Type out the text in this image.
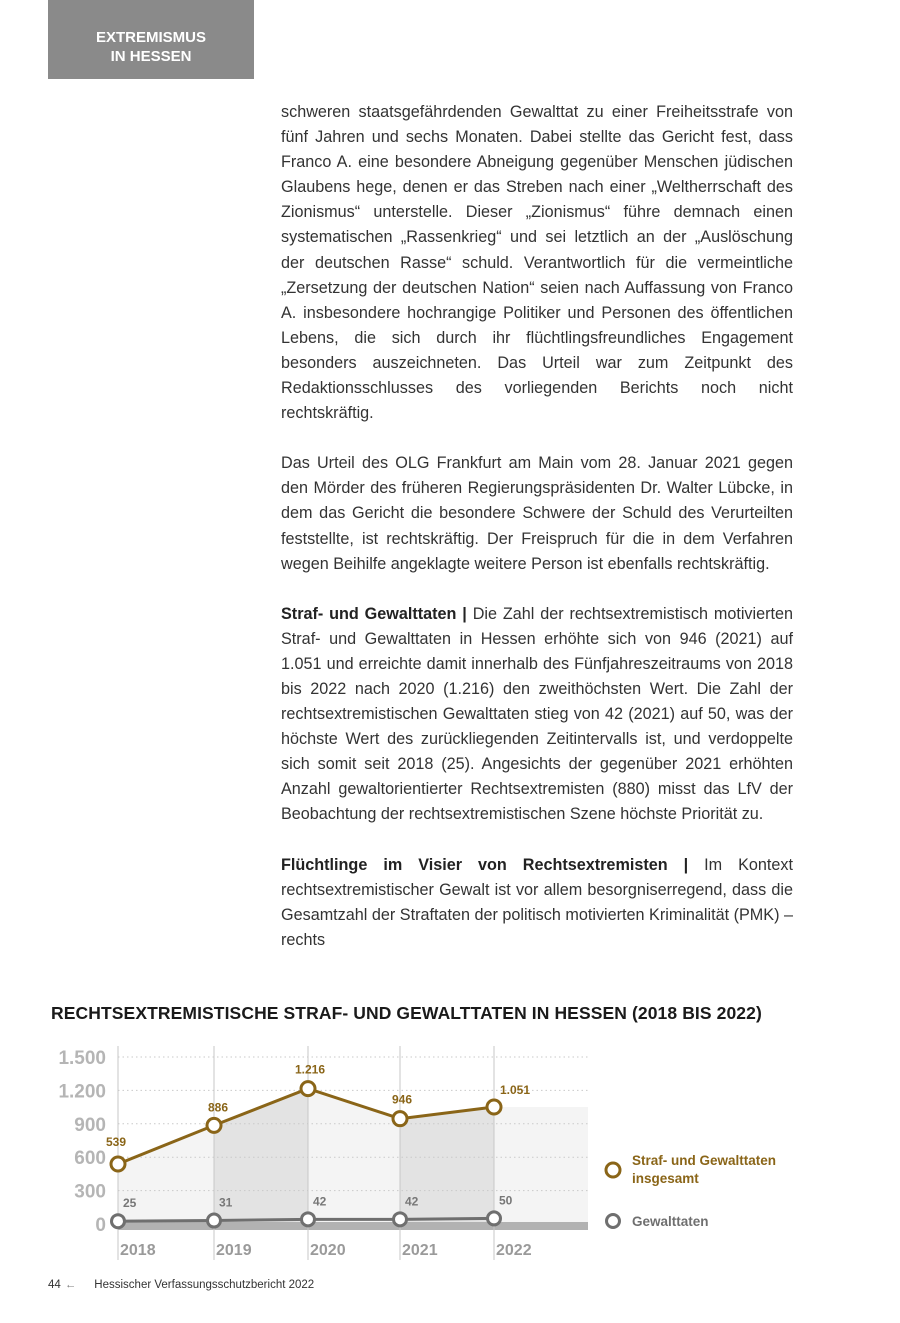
EXTREMISMUS
IN HESSEN

schweren staatsgefährdenden Gewalttat zu einer Freiheitsstrafe von fünf Jahren und sechs Monaten. Dabei stellte das Gericht fest, dass Franco A. eine besondere Abneigung gegenüber Menschen jüdischen Glaubens hege, denen er das Streben nach einer „Weltherrschaft des Zionismus“ unterstelle. Dieser „Zionismus“ führe demnach einen systematischen „Rassenkrieg“ und sei letztlich an der „Auslöschung der deutschen Rasse“ schuld. Verantwortlich für die vermeintliche „Zersetzung der deutschen Nation“ seien nach Auffassung von Franco A. insbesondere hochrangige Politiker und Personen des öffentlichen Lebens, die sich durch ihr flüchtlingsfreundliches Engagement besonders auszeichneten. Das Urteil war zum Zeitpunkt des Redaktionsschlusses des vorliegenden Berichts noch nicht rechtskräftig.

Das Urteil des OLG Frankfurt am Main vom 28. Januar 2021 gegen den Mörder des früheren Regierungspräsidenten Dr. Walter Lübcke, in dem das Gericht die besondere Schwere der Schuld des Verurteilten feststellte, ist rechtskräftig. Der Freispruch für die in dem Verfahren wegen Beihilfe angeklagte weitere Person ist ebenfalls rechtskräftig.

Straf- und Gewalttaten | Die Zahl der rechtsextremistisch motivierten Straf- und Gewalttaten in Hessen erhöhte sich von 946 (2021) auf 1.051 und erreichte damit innerhalb des Fünfjahreszeitraums von 2018 bis 2022 nach 2020 (1.216) den zweithöchsten Wert. Die Zahl der rechtsextremistischen Gewalttaten stieg von 42 (2021) auf 50, was der höchste Wert des zurückliegenden Zeitintervalls ist, und verdoppelte sich somit seit 2018 (25). Angesichts der gegenüber 2021 erhöhten Anzahl gewaltorientierter Rechtsextremisten (880) misst das LfV der Beobachtung der rechtsextremistischen Szene höchste Priorität zu.

Flüchtlinge im Visier von Rechtsextremisten | Im Kontext rechtsextremistischer Gewalt ist vor allem besorgniserregend, dass die Gesamtzahl der Straftaten der politisch motivierten Kriminalität (PMK) – rechts

RECHTSEXTREMISTISCHE STRAF- UND GEWALTTATEN IN HESSEN (2018 BIS 2022)
0
300
600
900
1.200
1.500
2018	2019	2020	2021	2022
25	31	42	42	50
539
886
1.216
946
1.051
Straf- und Gewalttaten
insgesamt
Gewalttaten
44 ← Hessischer Verfassungsschutzbericht 2022
